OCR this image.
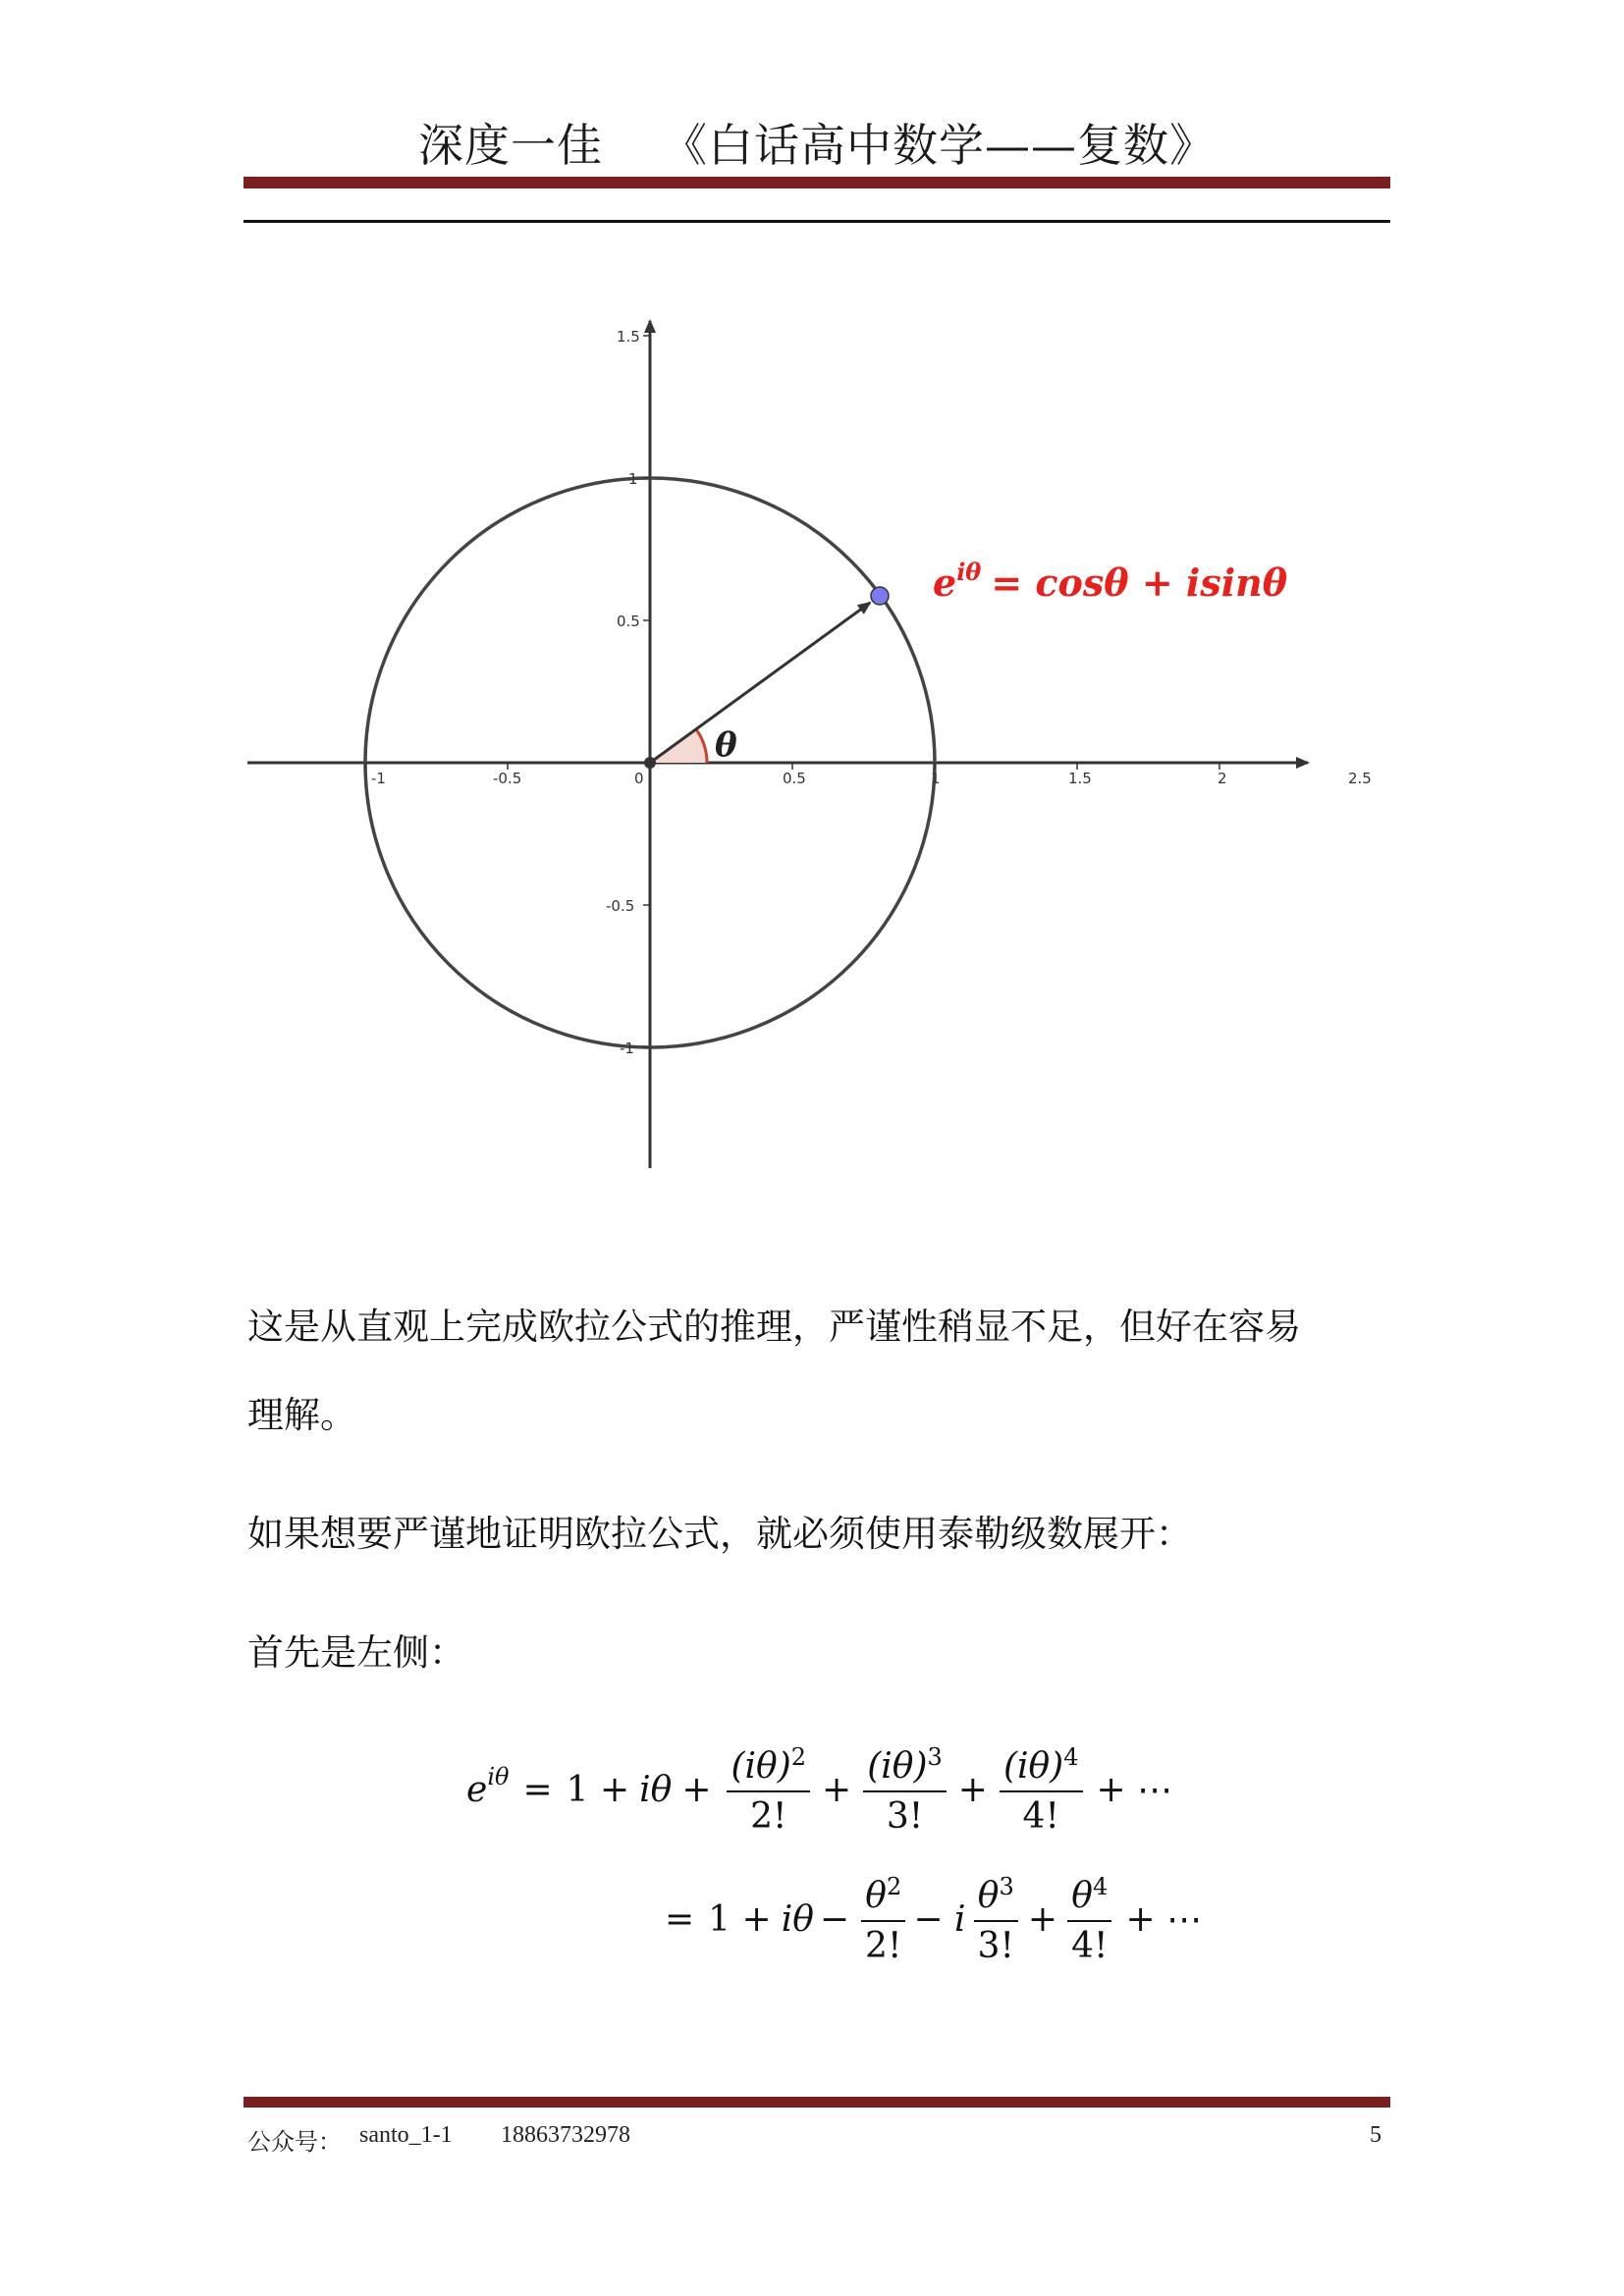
深度一佳 《白话高中数学——复数》
-1	-0.5	0	0.5	1	1.5	2	2.5
1.5
1
0.5
-0.5
-1
θ
$e^{i\theta} = \cos\theta + isin\theta$
这是从直观上完成欧拉公式的推理，严谨性稍显不足，但好在容易
理解。
如果想要严谨地证明欧拉公式，就必须使用泰勒级数展开：
首先是左侧：
$e^{i\theta} = 1 + i\theta + \frac{(i\theta)^2}{2!} + \frac{(i\theta)^3}{3!} + \frac{(i\theta)^4}{4!}$ + ⋯
= $1 + i\theta - \frac{\theta^2}{2!} - i \frac{\theta^3}{3!} + \frac{\theta^4}{4!}$ + ⋯
公众号： santo_1-1 18863732978	5
